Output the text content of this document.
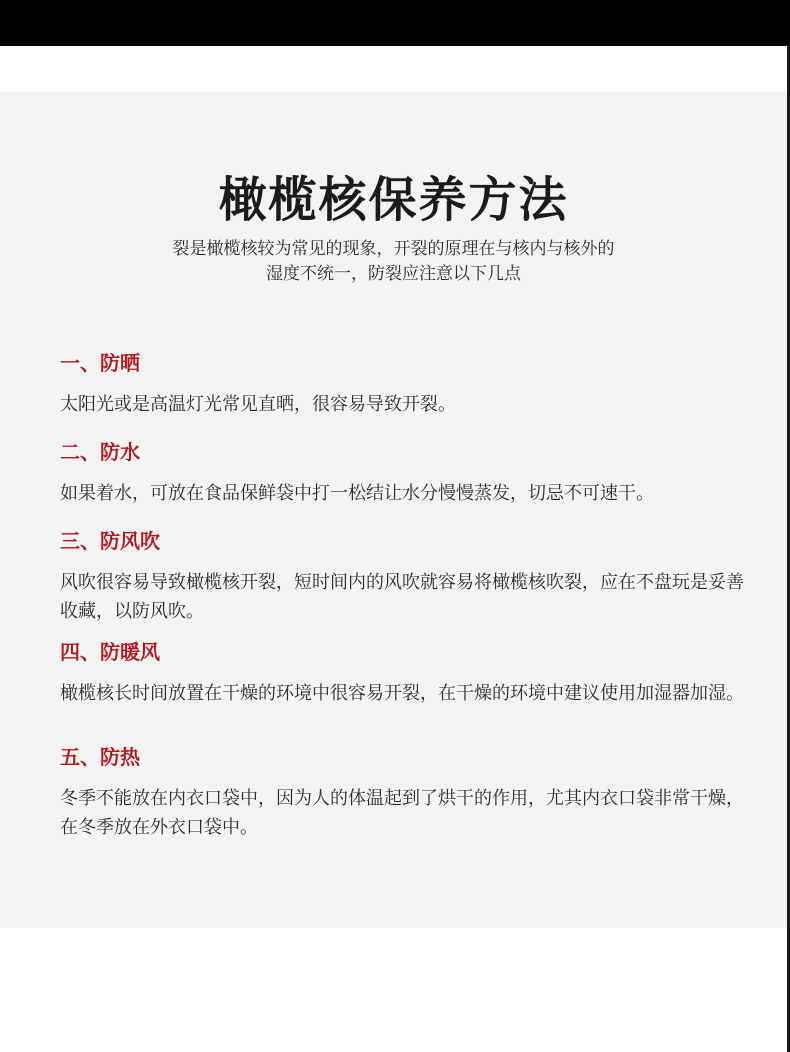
橄榄核保养方法

裂是橄榄核较为常见的现象，开裂的原理在与核内与核外的

湿度不统一，防裂应注意以下几点

一、防晒

太阳光或是高温灯光常见直晒，很容易导致开裂。

二、防水

如果着水，可放在食品保鲜袋中打一松结让水分慢慢蒸发，切忌不可速干。

三、防风吹

风吹很容易导致橄榄核开裂，短时间内的风吹就容易将橄榄核吹裂，应在不盘玩是妥善收藏，以防风吹。

四、防暖风

橄榄核长时间放置在干燥的环境中很容易开裂，在干燥的环境中建议使用加湿器加湿。

五、防热

冬季不能放在内衣口袋中，因为人的体温起到了烘干的作用，尤其内衣口袋非常干燥，在冬季放在外衣口袋中。
